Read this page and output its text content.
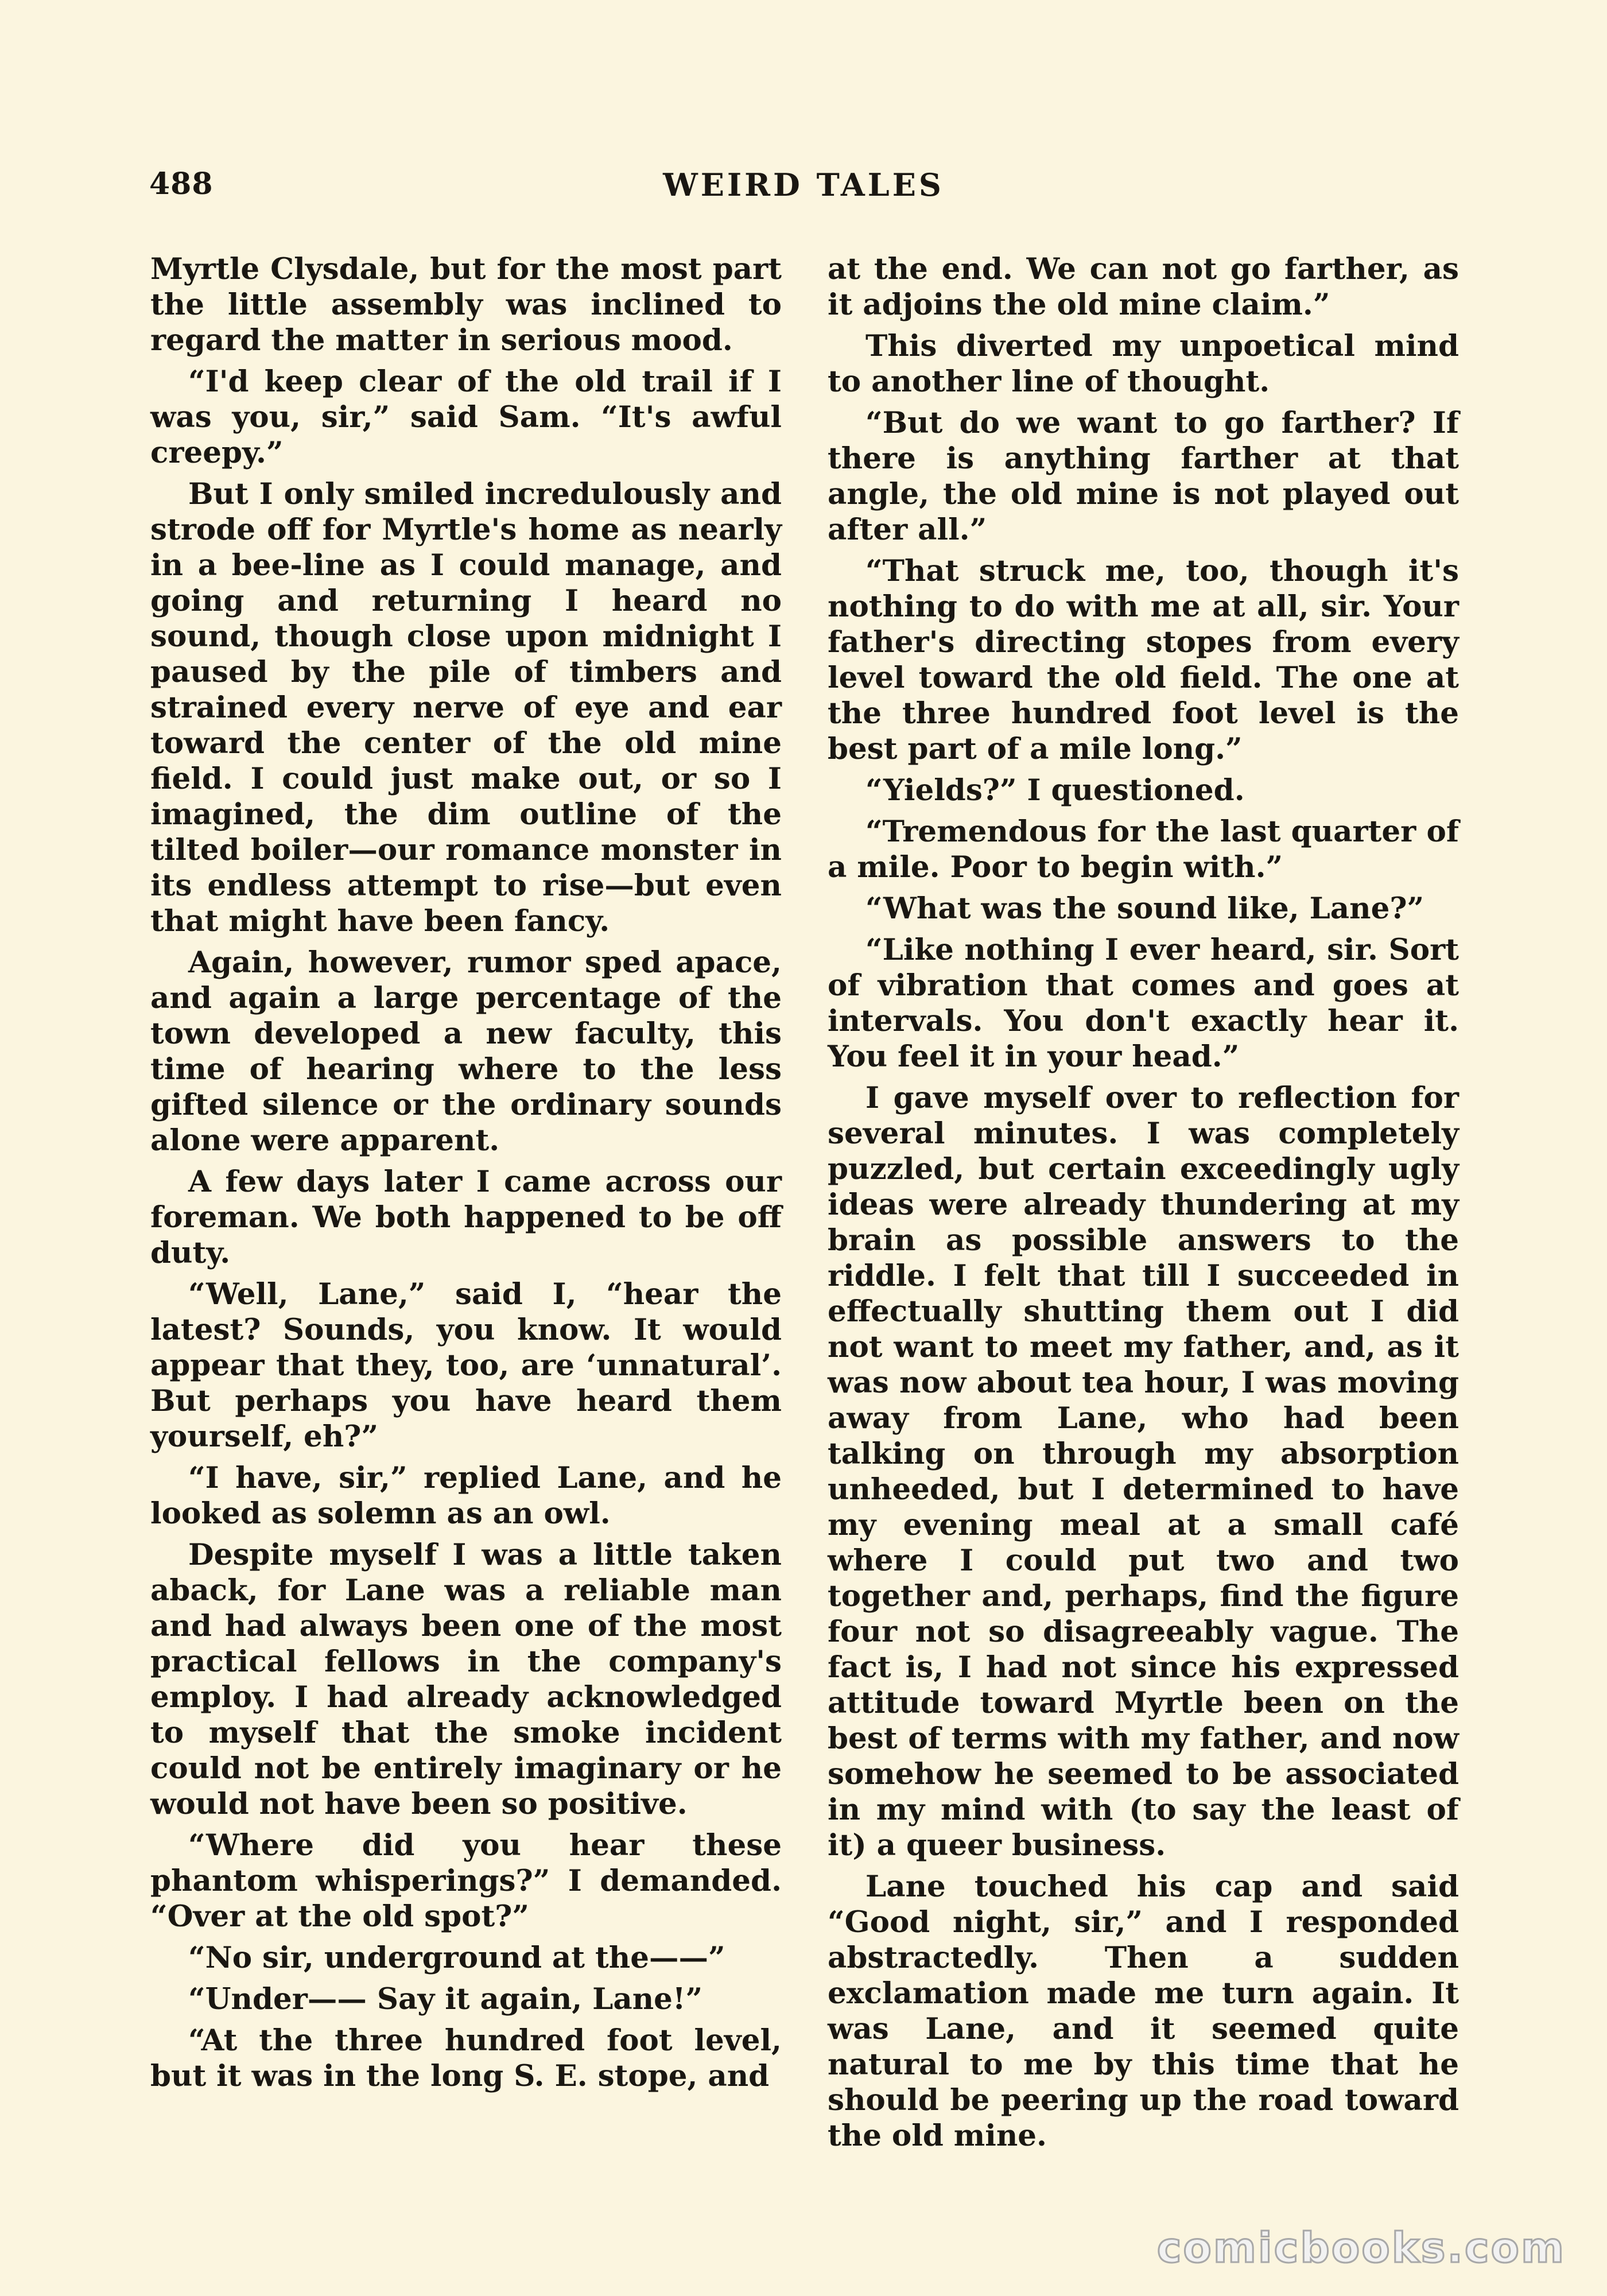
488	WEIRD TALES

Myrtle Clysdale, but for the most part the little assembly was inclined to regard the matter in serious mood.

“I'd keep clear of the old trail if I was you, sir,” said Sam. “It's awful creepy.”

But I only smiled incredulously and strode off for Myrtle's home as nearly in a bee-line as I could manage, and going and returning I heard no sound, though close upon midnight I paused by the pile of timbers and strained every nerve of eye and ear toward the center of the old mine field. I could just make out, or so I imagined, the dim outline of the tilted boiler—our romance monster in its endless attempt to rise—but even that might have been fancy.

Again, however, rumor sped apace, and again a large percentage of the town developed a new faculty, this time of hearing where to the less gifted silence or the ordinary sounds alone were apparent.

A few days later I came across our foreman. We both happened to be off duty.

“Well, Lane,” said I, “hear the latest? Sounds, you know. It would appear that they, too, are ‘unnatural’. But perhaps you have heard them yourself, eh?”

“I have, sir,” replied Lane, and he looked as solemn as an owl.

Despite myself I was a little taken aback, for Lane was a reliable man and had always been one of the most practical fellows in the company's employ. I had already acknowledged to myself that the smoke incident could not be entirely imaginary or he would not have been so positive.

“Where did you hear these phantom whisperings?” I demanded. “Over at the old spot?”

“No sir, underground at the——”

“Under—— Say it again, Lane!”

“At the three hundred foot level, but it was in the long S. E. stope, and

at the end. We can not go farther, as it adjoins the old mine claim.”

This diverted my unpoetical mind to another line of thought.

“But do we want to go farther? If there is anything farther at that angle, the old mine is not played out after all.”

“That struck me, too, though it's nothing to do with me at all, sir. Your father's directing stopes from every level toward the old field. The one at the three hundred foot level is the best part of a mile long.”

“Yields?” I questioned.

“Tremendous for the last quarter of a mile. Poor to begin with.”

“What was the sound like, Lane?”

“Like nothing I ever heard, sir. Sort of vibration that comes and goes at intervals. You don't exactly hear it. You feel it in your head.”

I gave myself over to reflection for several minutes. I was completely puzzled, but certain exceedingly ugly ideas were already thundering at my brain as possible answers to the riddle. I felt that till I succeeded in effectually shutting them out I did not want to meet my father, and, as it was now about tea hour, I was moving away from Lane, who had been talking on through my absorption unheeded, but I determined to have my evening meal at a small café where I could put two and two together and, perhaps, find the figure four not so disagreeably vague. The fact is, I had not since his expressed attitude toward Myrtle been on the best of terms with my father, and now somehow he seemed to be associated in my mind with (to say the least of it) a queer business.

Lane touched his cap and said “Good night, sir,” and I responded abstractedly. Then a sudden exclamation made me turn again. It was Lane, and it seemed quite natural to me by this time that he should be peering up the road toward the old mine.

comicbooks.com
